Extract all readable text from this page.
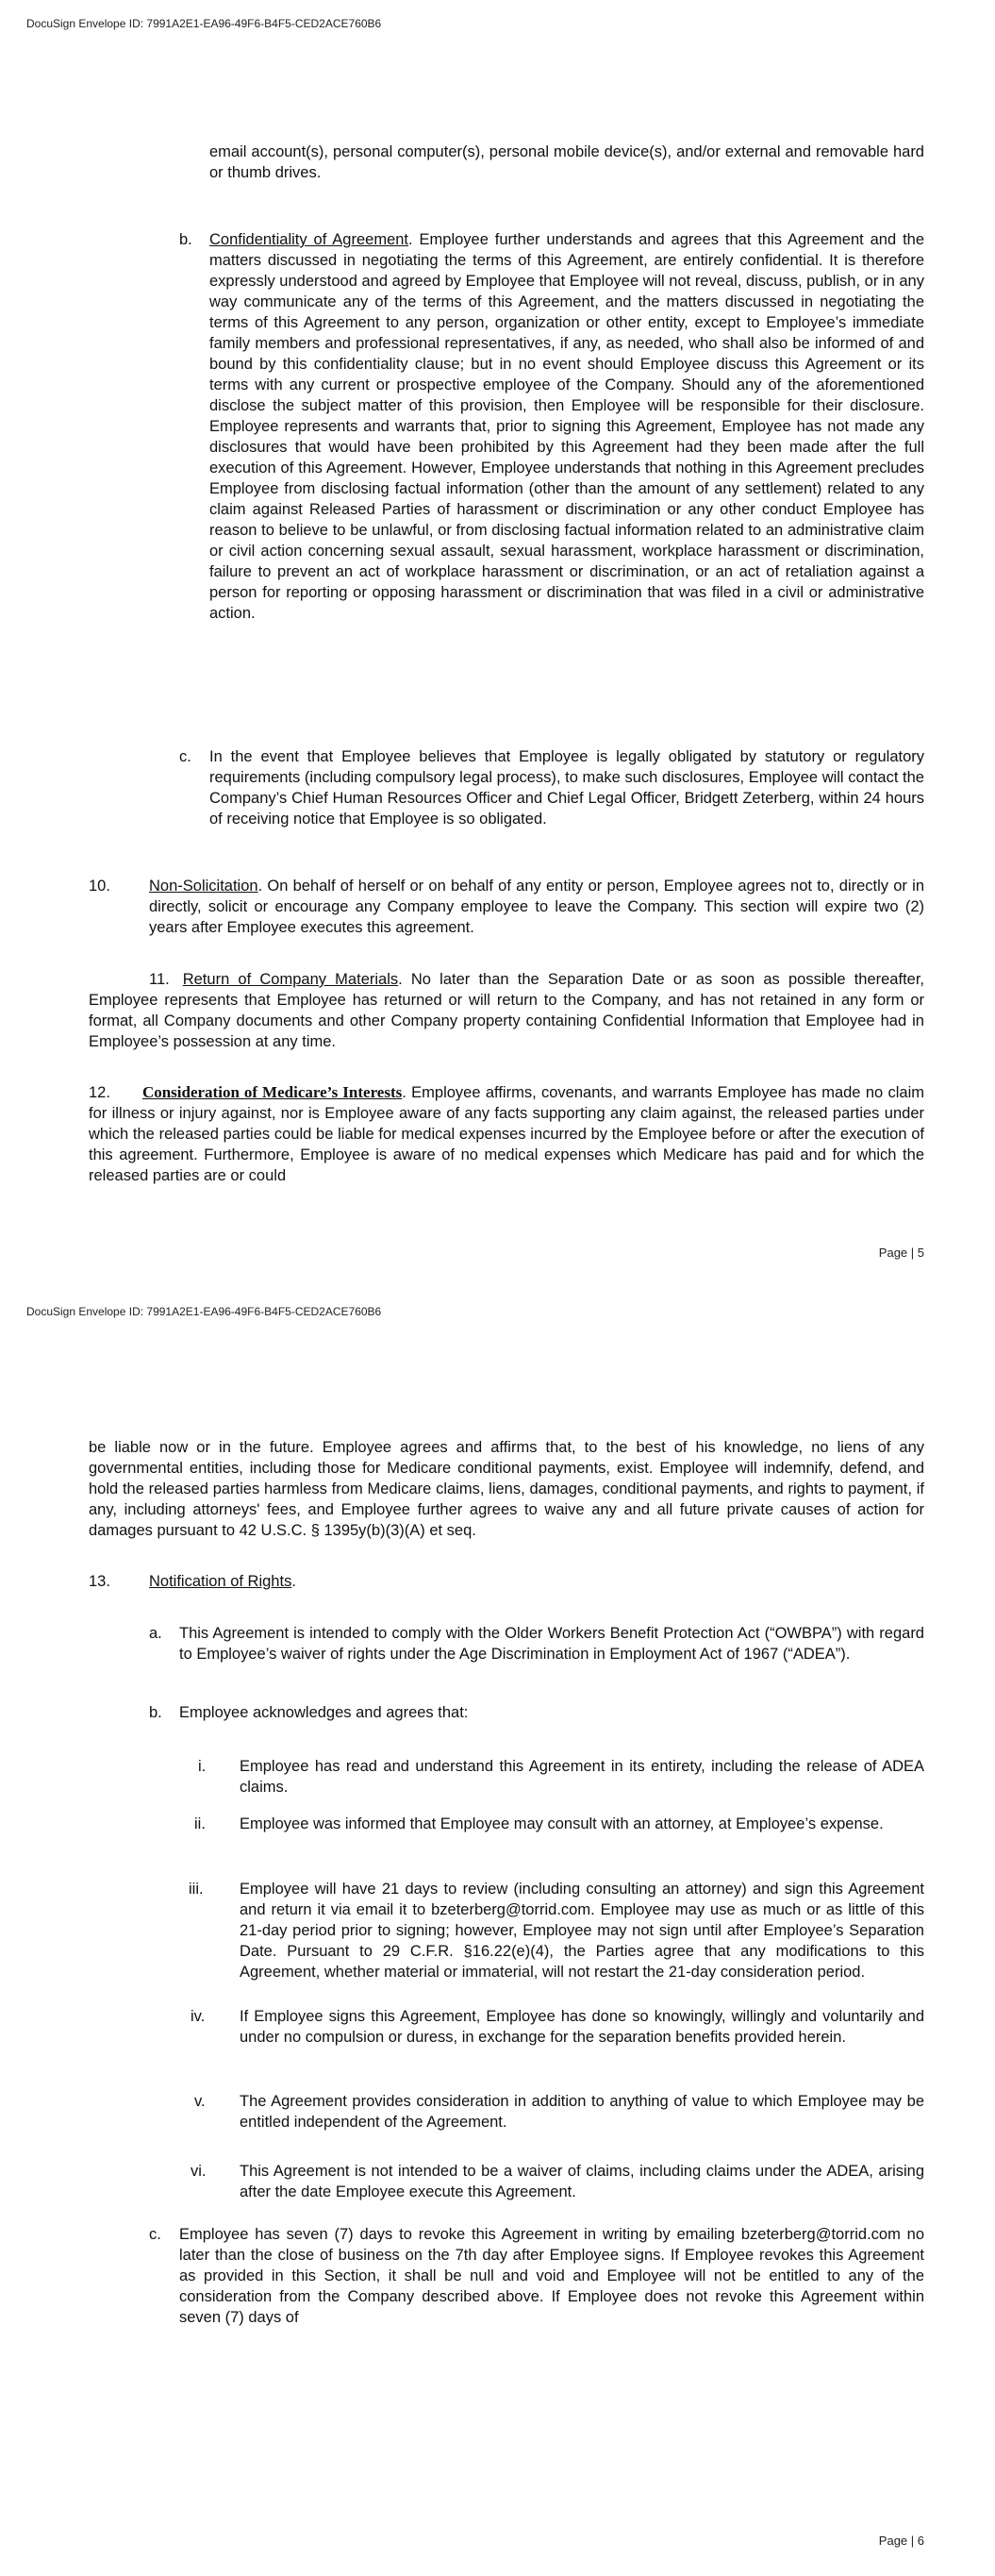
DocuSign Envelope ID: 7991A2E1-EA96-49F6-B4F5-CED2ACE760B6

email account(s), personal computer(s), personal mobile device(s), and/or external and removable hard or thumb drives.

b. Confidentiality of Agreement. Employee further understands and agrees that this Agreement and the matters discussed in negotiating the terms of this Agreement, are entirely confidential. It is therefore expressly understood and agreed by Employee that Employee will not reveal, discuss, publish, or in any way communicate any of the terms of this Agreement, and the matters discussed in negotiating the terms of this Agreement to any person, organization or other entity, except to Employee’s immediate family members and professional representatives, if any, as needed, who shall also be informed of and bound by this confidentiality clause; but in no event should Employee discuss this Agreement or its terms with any current or prospective employee of the Company. Should any of the aforementioned disclose the subject matter of this provision, then Employee will be responsible for their disclosure. Employee represents and warrants that, prior to signing this Agreement, Employee has not made any disclosures that would have been prohibited by this Agreement had they been made after the full execution of this Agreement. However, Employee understands that nothing in this Agreement precludes Employee from disclosing factual information (other than the amount of any settlement) related to any claim against Released Parties of harassment or discrimination or any other conduct Employee has reason to believe to be unlawful, or from disclosing factual information related to an administrative claim or civil action concerning sexual assault, sexual harassment, workplace harassment or discrimination, failure to prevent an act of workplace harassment or discrimination, or an act of retaliation against a person for reporting or opposing harassment or discrimination that was filed in a civil or administrative action.

c. In the event that Employee believes that Employee is legally obligated by statutory or regulatory requirements (including compulsory legal process), to make such disclosures, Employee will contact the Company’s Chief Human Resources Officer and Chief Legal Officer, Bridgett Zeterberg, within 24 hours of receiving notice that Employee is so obligated.

10. Non-Solicitation. On behalf of herself or on behalf of any entity or person, Employee agrees not to, directly or in directly, solicit or encourage any Company employee to leave the Company. This section will expire two (2) years after Employee executes this agreement.

11. Return of Company Materials. No later than the Separation Date or as soon as possible thereafter, Employee represents that Employee has returned or will return to the Company, and has not retained in any form or format, all Company documents and other Company property containing Confidential Information that Employee had in Employee’s possession at any time.

12. Consideration of Medicare’s Interests. Employee affirms, covenants, and warrants Employee has made no claim for illness or injury against, nor is Employee aware of any facts supporting any claim against, the released parties under which the released parties could be liable for medical expenses incurred by the Employee before or after the execution of this agreement. Furthermore, Employee is aware of no medical expenses which Medicare has paid and for which the released parties are or could

Page | 5
DocuSign Envelope ID: 7991A2E1-EA96-49F6-B4F5-CED2ACE760B6

be liable now or in the future. Employee agrees and affirms that, to the best of his knowledge, no liens of any governmental entities, including those for Medicare conditional payments, exist. Employee will indemnify, defend, and hold the released parties harmless from Medicare claims, liens, damages, conditional payments, and rights to payment, if any, including attorneys' fees, and Employee further agrees to waive any and all future private causes of action for damages pursuant to 42 U.S.C. § 1395y(b)(3)(A) et seq.

13. Notification of Rights.

a. This Agreement is intended to comply with the Older Workers Benefit Protection Act (“OWBPA”) with regard to Employee’s waiver of rights under the Age Discrimination in Employment Act of 1967 (“ADEA”).

b. Employee acknowledges and agrees that:

i. Employee has read and understand this Agreement in its entirety, including the release of ADEA claims.

ii. Employee was informed that Employee may consult with an attorney, at Employee’s expense.

iii. Employee will have 21 days to review (including consulting an attorney) and sign this Agreement and return it via email it to bzeterberg@torrid.com. Employee may use as much or as little of this 21-day period prior to signing; however, Employee may not sign until after Employee’s Separation Date. Pursuant to 29 C.F.R. §16.22(e)(4), the Parties agree that any modifications to this Agreement, whether material or immaterial, will not restart the 21-day consideration period.

iv. If Employee signs this Agreement, Employee has done so knowingly, willingly and voluntarily and under no compulsion or duress, in exchange for the separation benefits provided herein.

v. The Agreement provides consideration in addition to anything of value to which Employee may be entitled independent of the Agreement.

vi. This Agreement is not intended to be a waiver of claims, including claims under the ADEA, arising after the date Employee execute this Agreement.

c. Employee has seven (7) days to revoke this Agreement in writing by emailing bzeterberg@torrid.com no later than the close of business on the 7th day after Employee signs. If Employee revokes this Agreement as provided in this Section, it shall be null and void and Employee will not be entitled to any of the consideration from the Company described above. If Employee does not revoke this Agreement within seven (7) days of

Page | 6
